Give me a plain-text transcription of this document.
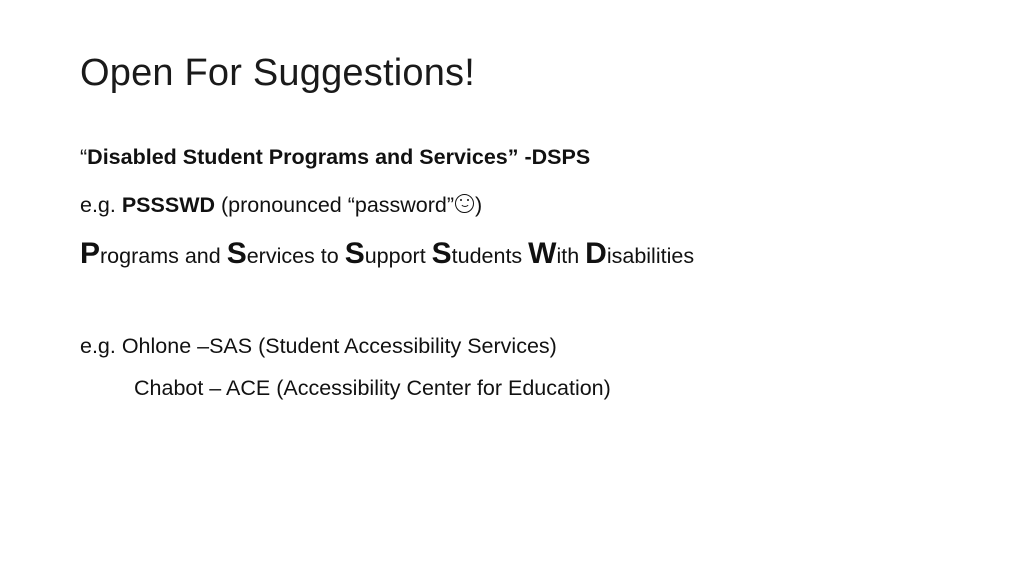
Open For Suggestions!
“Disabled Student Programs and Services” -DSPS
e.g. PSSSWD (pronounced “password” )
Programs and Services to Support Students With Disabilities
e.g. Ohlone –SAS (Student Accessibility Services)
Chabot – ACE (Accessibility Center for Education)
